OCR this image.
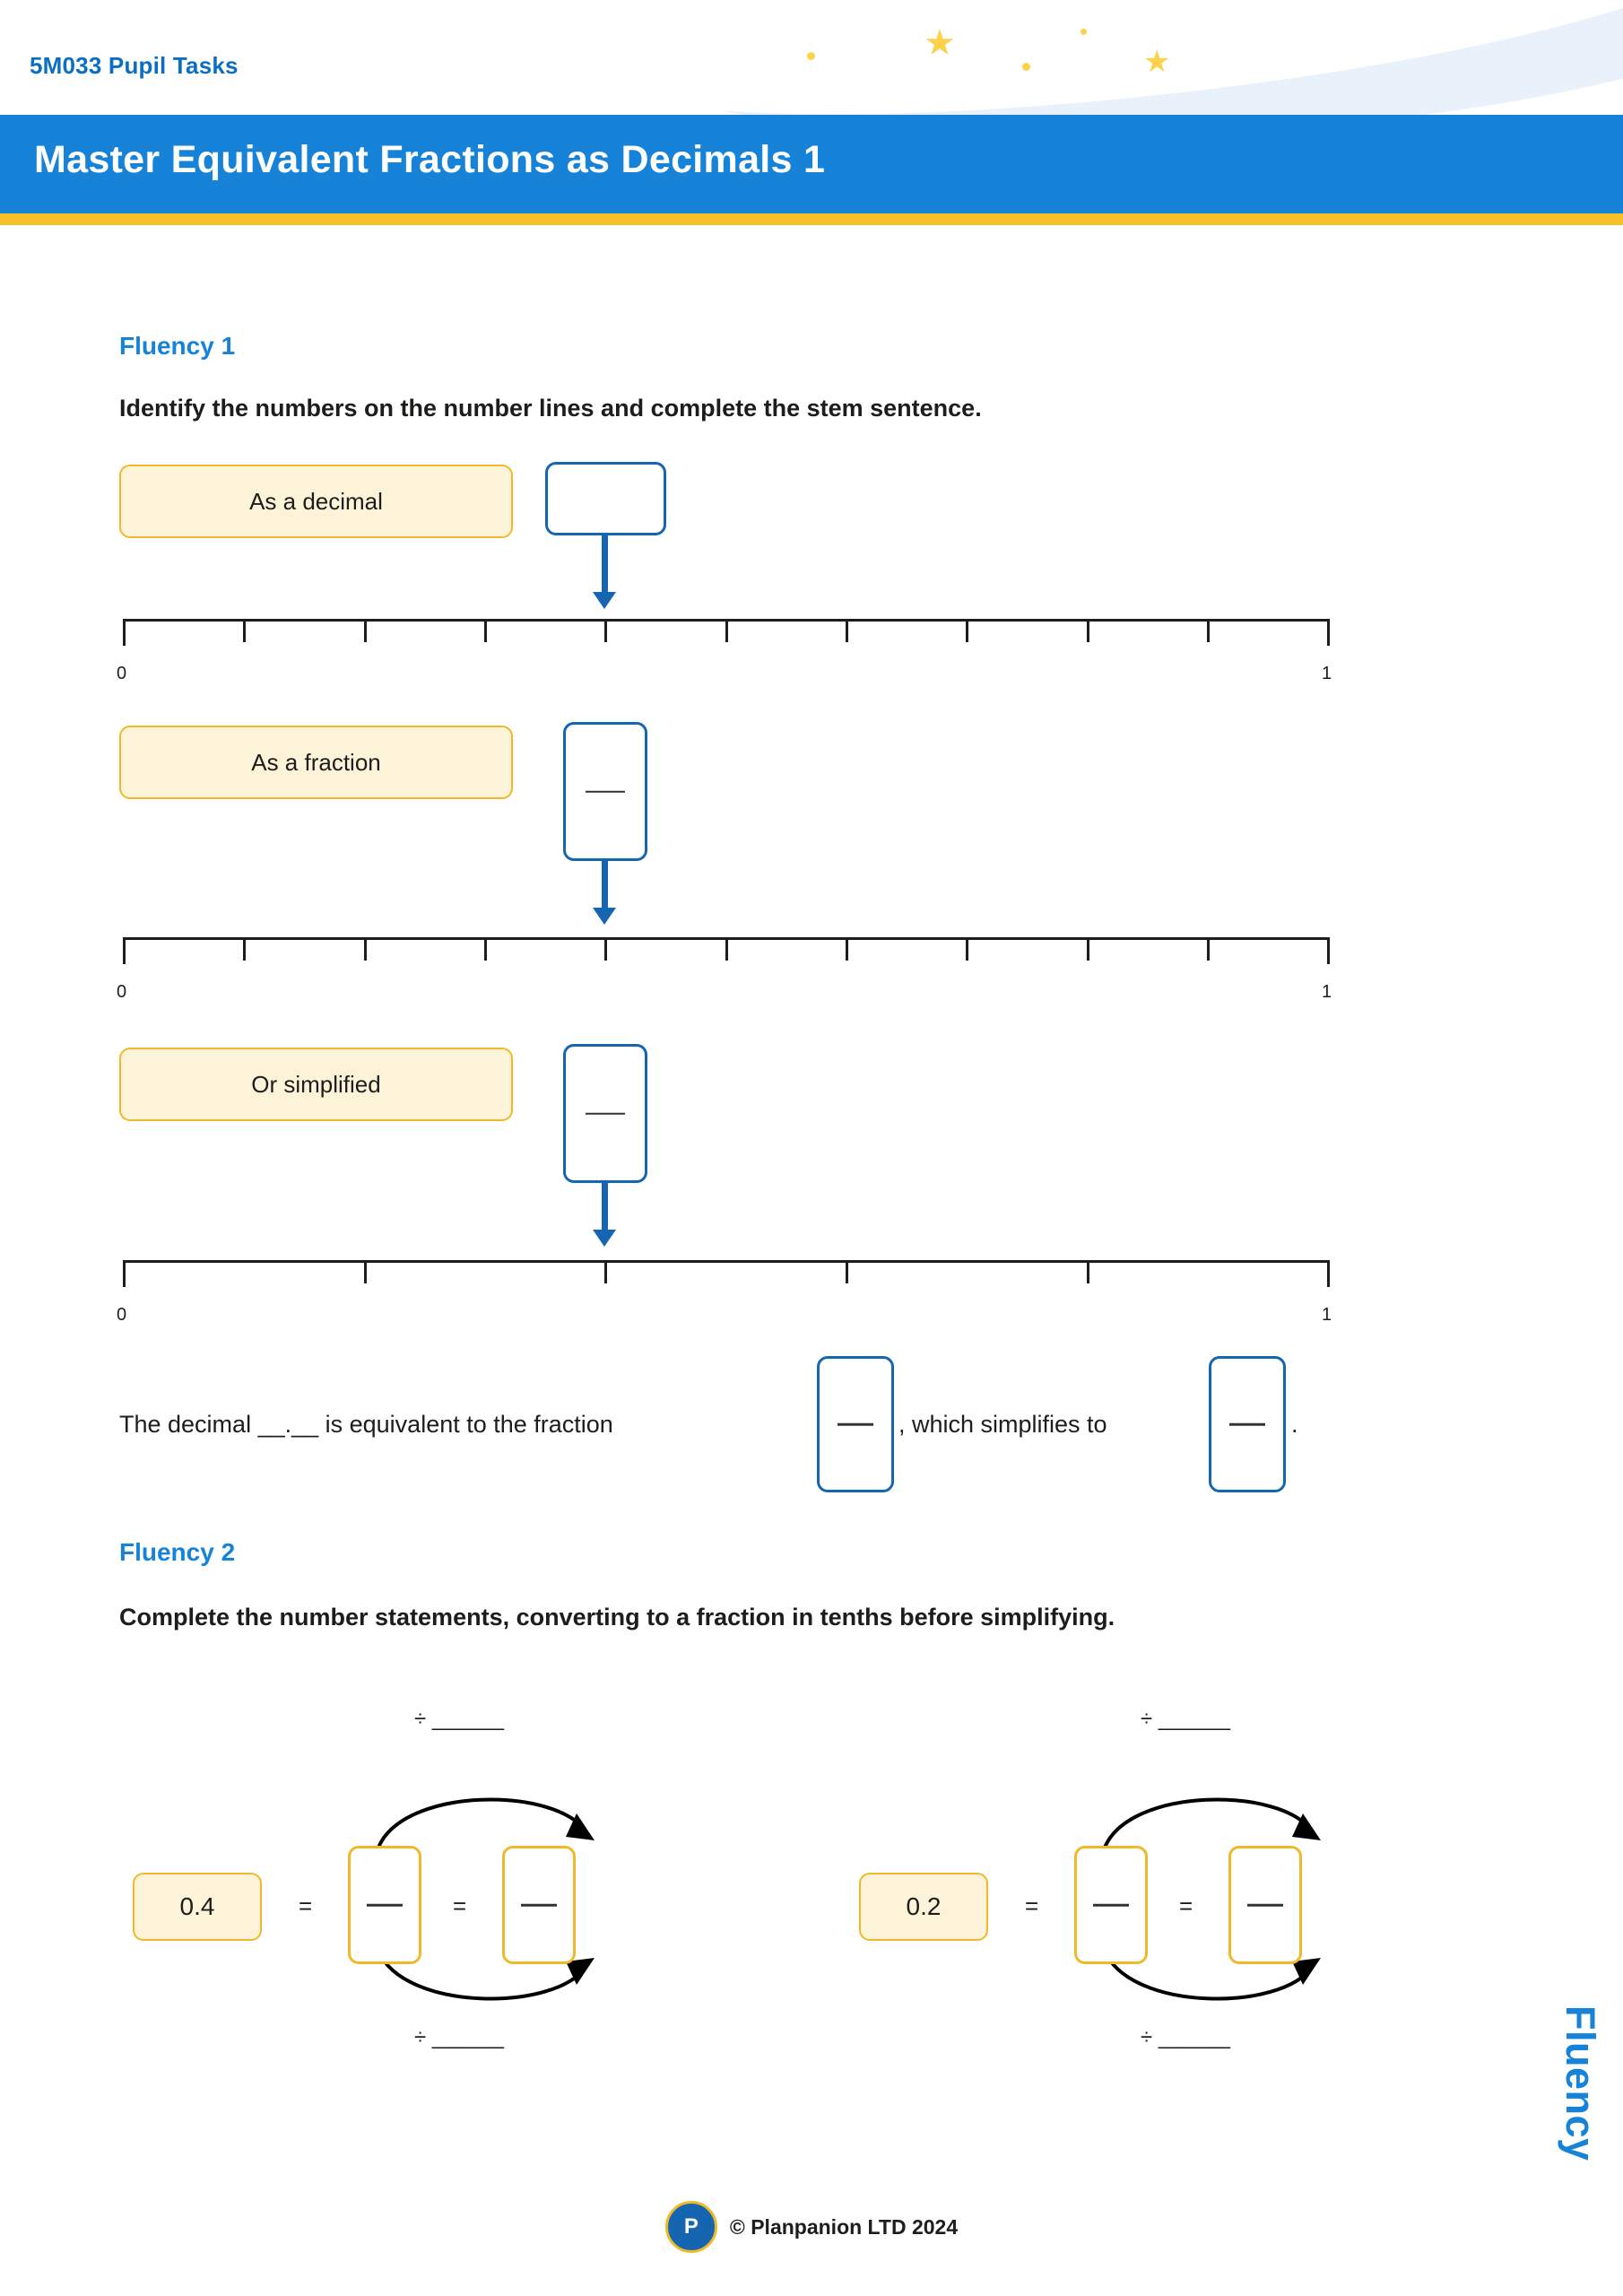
★	★
5M033 Pupil Tasks
Master Equivalent Fractions as Decimals 1
Fluency 1
Identify the numbers on the number lines and complete the stem sentence.
As a decimal
0	1
As a fraction
0	1
Or simplified
0	1
The decimal __.__ is equivalent to the fraction	, which simplifies to	.
Fluency 2
Complete the number statements, converting to a fraction in tenths before simplifying.
÷ ______
0.4	=	=
÷ ______
÷ ______
0.2	=	=
÷ ______	Fluency
P	© Planpanion LTD 2024
